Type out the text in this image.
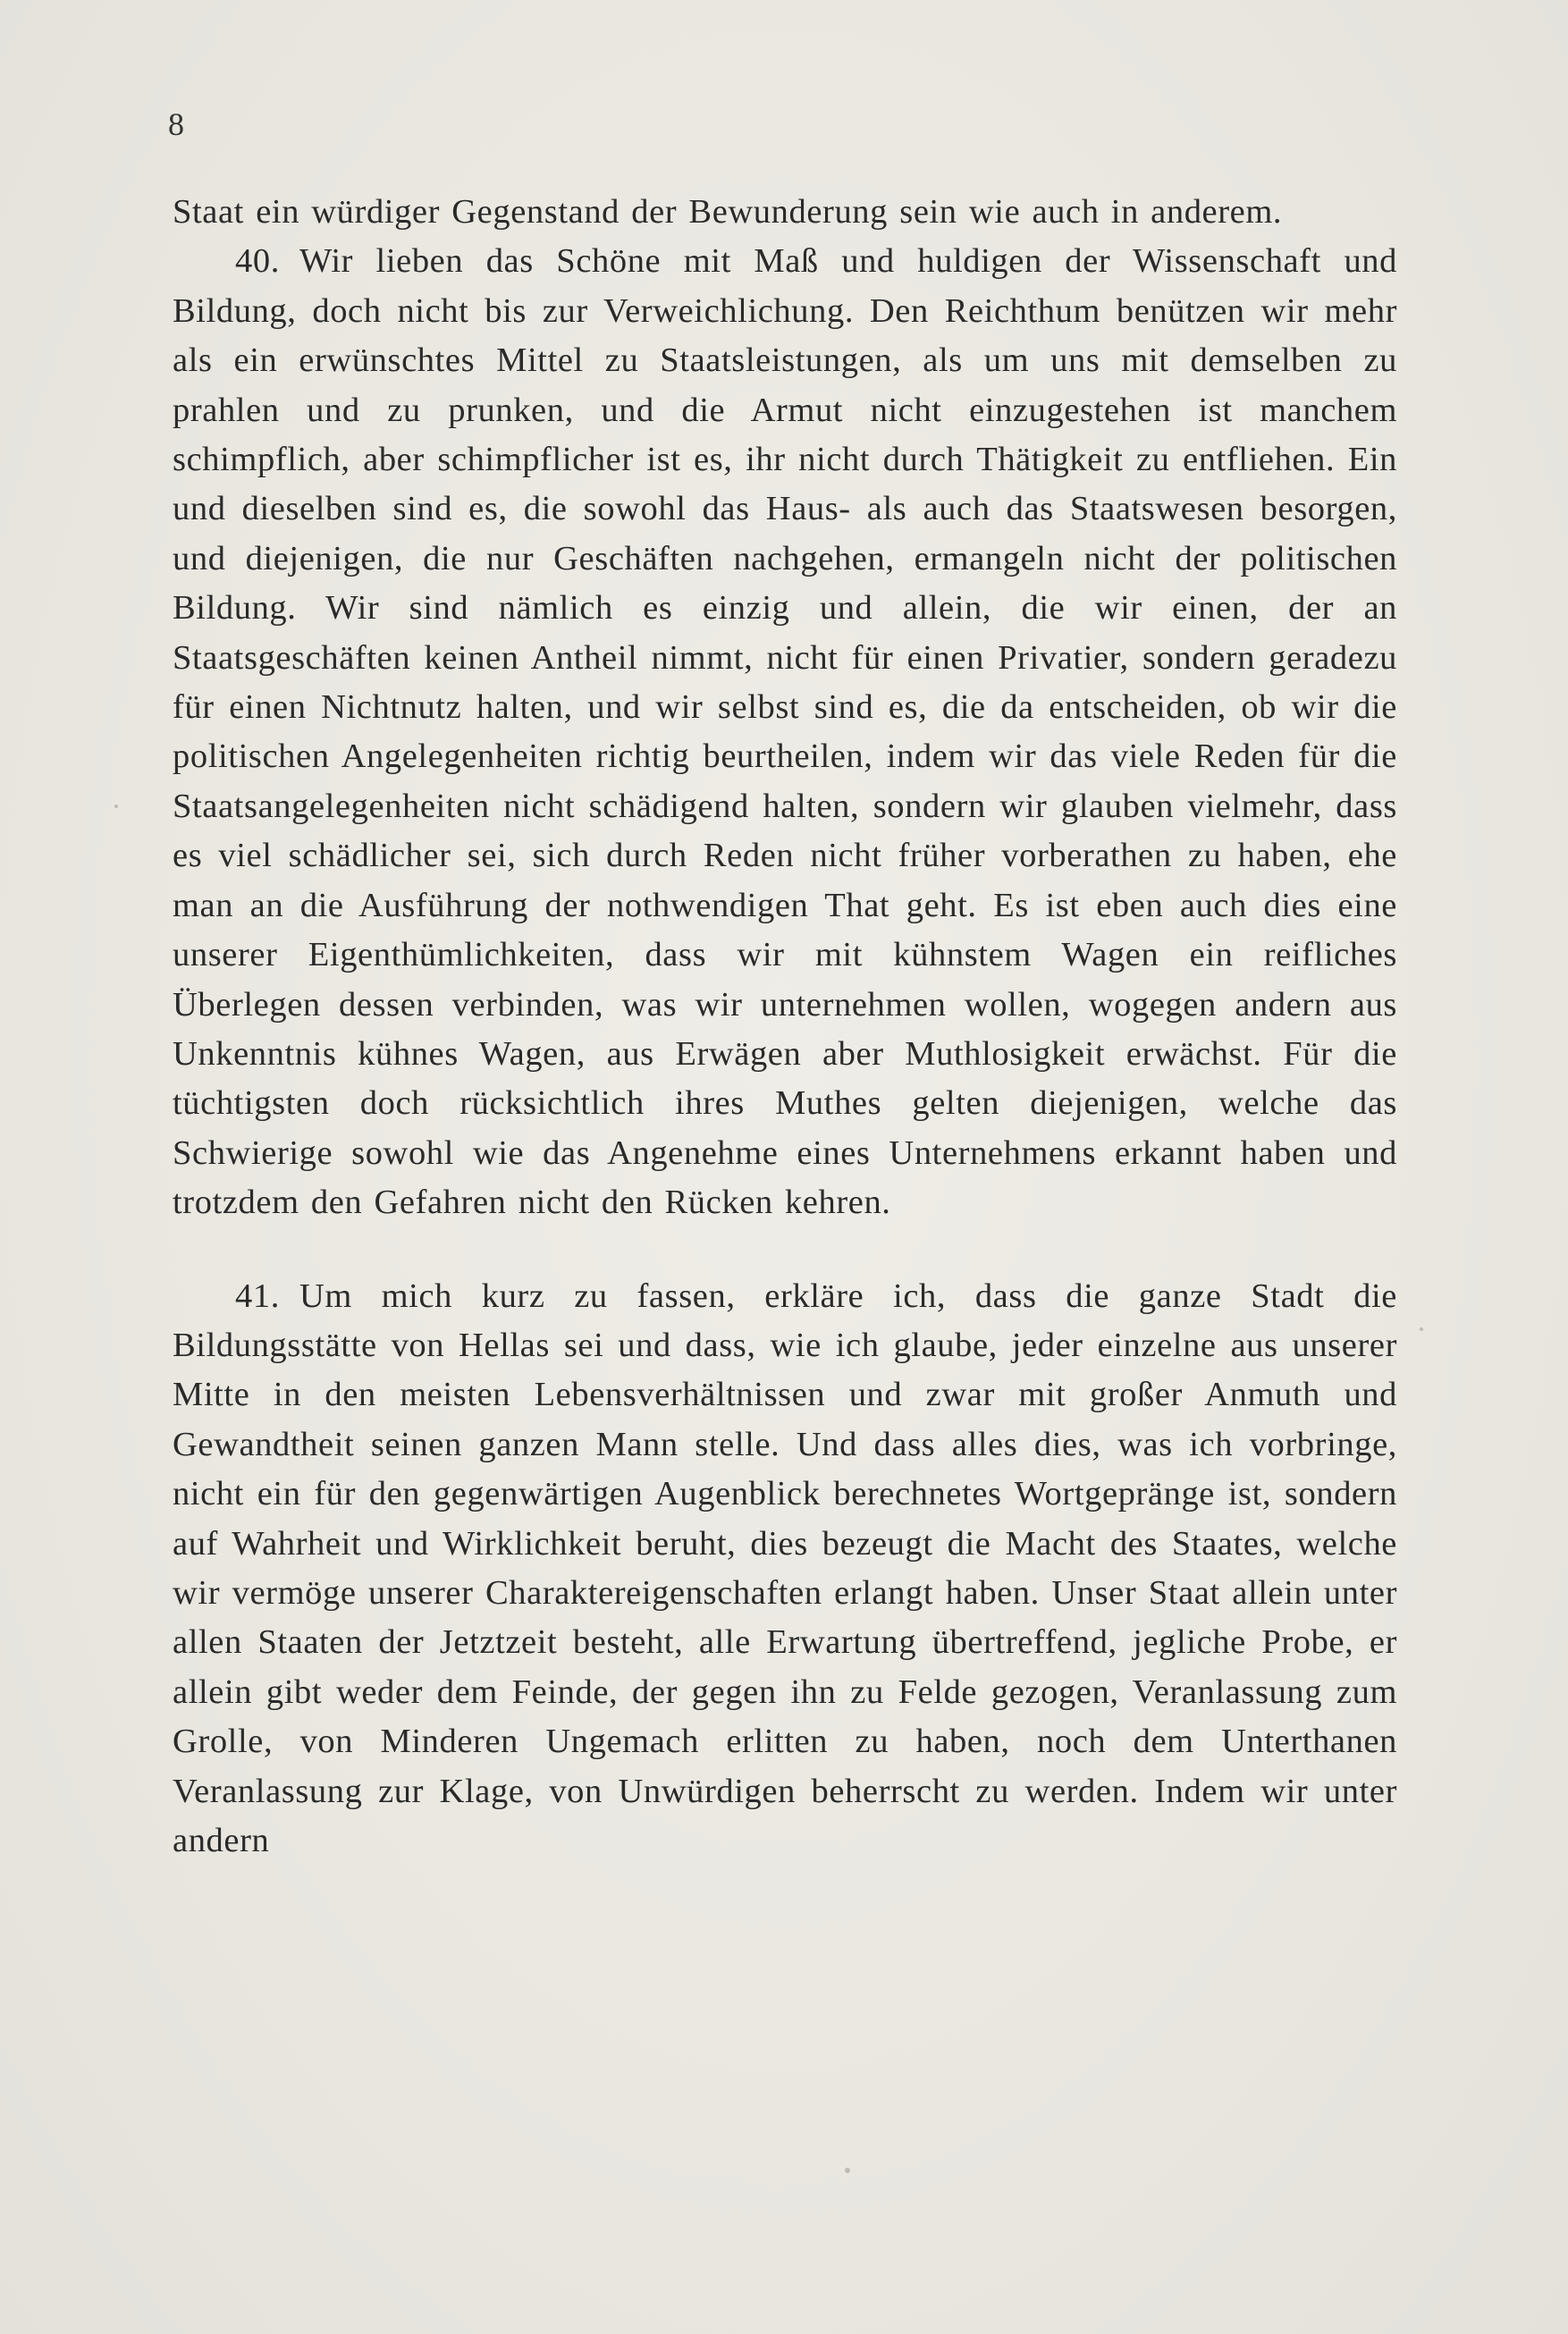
8

Staat ein würdiger Gegenstand der Bewunderung sein wie auch in anderem.

40. Wir lieben das Schöne mit Maß und huldigen der Wissenschaft und Bildung, doch nicht bis zur Verweichlichung. Den Reichthum benützen wir mehr als ein erwünschtes Mittel zu Staatsleistungen, als um uns mit demselben zu prahlen und zu prunken, und die Armut nicht einzugestehen ist manchem schimpflich, aber schimpflicher ist es, ihr nicht durch Thätigkeit zu entfliehen. Ein und dieselben sind es, die sowohl das Haus- als auch das Staatswesen besorgen, und diejenigen, die nur Geschäften nachgehen, ermangeln nicht der politischen Bildung. Wir sind nämlich es einzig und allein, die wir einen, der an Staatsgeschäften keinen Antheil nimmt, nicht für einen Privatier, sondern geradezu für einen Nichtnutz halten, und wir selbst sind es, die da entscheiden, ob wir die politischen Angelegenheiten richtig beurtheilen, indem wir das viele Reden für die Staatsangelegenheiten nicht schädigend halten, sondern wir glauben vielmehr, dass es viel schädlicher sei, sich durch Reden nicht früher vorberathen zu haben, ehe man an die Ausführung der nothwendigen That geht. Es ist eben auch dies eine unserer Eigenthümlichkeiten, dass wir mit kühnstem Wagen ein reifliches Überlegen dessen verbinden, was wir unternehmen wollen, wogegen andern aus Unkenntnis kühnes Wagen, aus Erwägen aber Muthlosigkeit erwächst. Für die tüchtigsten doch rücksichtlich ihres Muthes gelten diejenigen, welche das Schwierige sowohl wie das Angenehme eines Unternehmens erkannt haben und trotzdem den Gefahren nicht den Rücken kehren.

41. Um mich kurz zu fassen, erkläre ich, dass die ganze Stadt die Bildungsstätte von Hellas sei und dass, wie ich glaube, jeder einzelne aus unserer Mitte in den meisten Lebensverhältnissen und zwar mit großer Anmuth und Gewandtheit seinen ganzen Mann stelle. Und dass alles dies, was ich vorbringe, nicht ein für den gegenwärtigen Augenblick berechnetes Wortgepränge ist, sondern auf Wahrheit und Wirklichkeit beruht, dies bezeugt die Macht des Staates, welche wir vermöge unserer Charaktereigenschaften erlangt haben. Unser Staat allein unter allen Staaten der Jetztzeit besteht, alle Erwartung übertreffend, jegliche Probe, er allein gibt weder dem Feinde, der gegen ihn zu Felde gezogen, Veranlassung zum Grolle, von Minderen Ungemach erlitten zu haben, noch dem Unterthanen Veranlassung zur Klage, von Unwürdigen beherrscht zu werden. Indem wir unter andern
